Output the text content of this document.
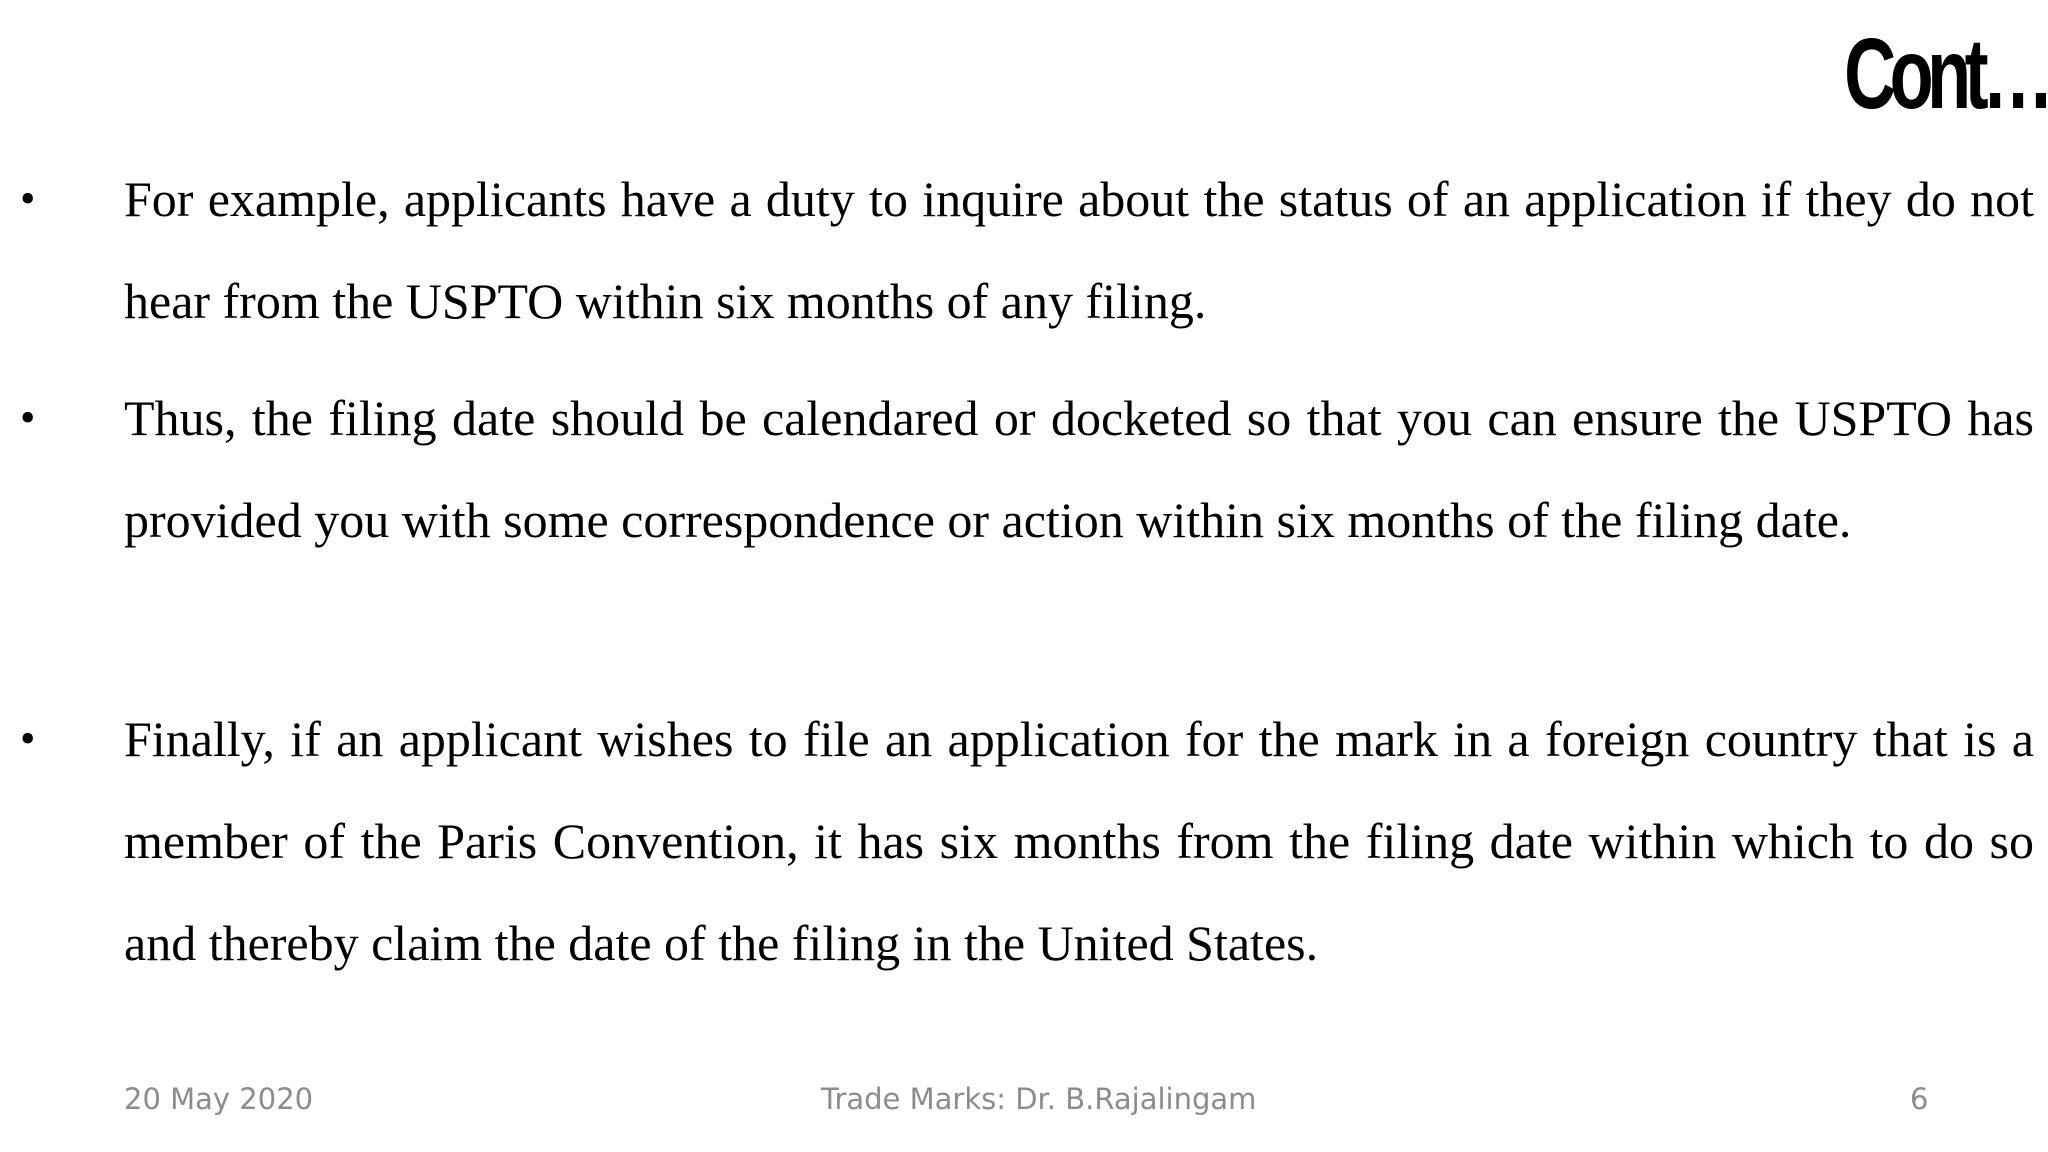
Cont…
• For example, applicants have a duty to inquire about the status of an application if they do not hear from the USPTO within six months of any filing.

• Thus, the filing date should be calendared or docketed so that you can ensure the USPTO has provided you with some correspondence or action within six months of the filing date.

• Finally, if an applicant wishes to file an application for the mark in a foreign country that is a member of the Paris Convention, it has six months from the filing date within which to do so and thereby claim the date of the filing in the United States.

20 May 2020	Trade Marks: Dr. B.Rajalingam	6
